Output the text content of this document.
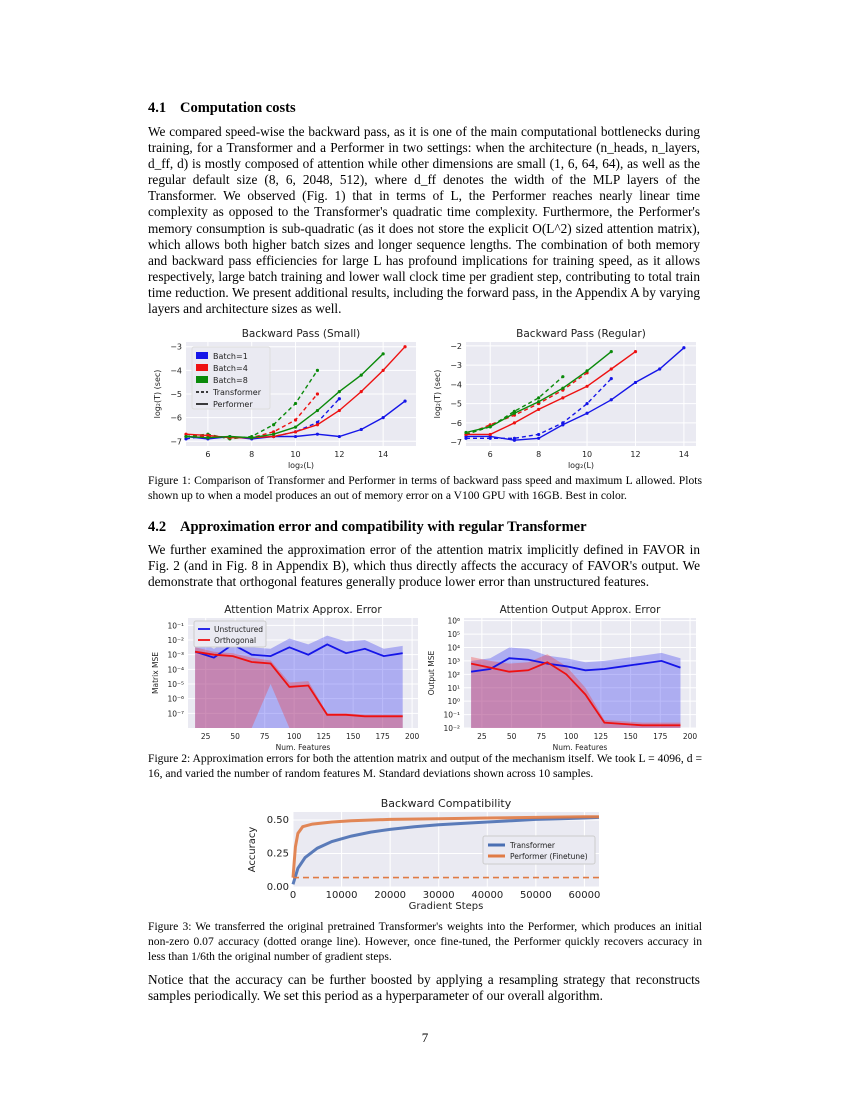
4.1 Computation costs
We compared speed-wise the backward pass, as it is one of the main computational bottlenecks during training, for a Transformer and a Performer in two settings: when the architecture (n_heads, n_layers, d_ff, d) is mostly composed of attention while other dimensions are small (1, 6, 64, 64), as well as the regular default size (8, 6, 2048, 512), where d_ff denotes the width of the MLP layers of the Transformer. We observed (Fig. 1) that in terms of L, the Performer reaches nearly linear time complexity as opposed to the Transformer's quadratic time complexity. Furthermore, the Performer's memory consumption is sub-quadratic (as it does not store the explicit O(L^2) sized attention matrix), which allows both higher batch sizes and longer sequence lengths. The combination of both memory and backward pass efficiencies for large L has profound implications for training speed, as it allows respectively, large batch training and lower wall clock time per gradient step, contributing to total train time reduction. We present additional results, including the forward pass, in the Appendix A by varying layers and architecture sizes as well.
−3
−4
−5
−6
−7
6	8	10	12	14
Backward Pass (Small)
log₂(L)
log₂(T) (sec)
Batch=1
Batch=4
Batch=8
Transformer
Performer
−2
−3
−4
−5
−6
−7
6	8	10	12	14
Backward Pass (Regular)
log₂(L)
log₂(T) (sec)
Figure 1: Comparison of Transformer and Performer in terms of backward pass speed and maximum L allowed. Plots shown up to when a model produces an out of memory error on a V100 GPU with 16GB. Best in color.
4.2 Approximation error and compatibility with regular Transformer
We further examined the approximation error of the attention matrix implicitly defined in FAVOR in Fig. 2 (and in Fig. 8 in Appendix B), which thus directly affects the accuracy of FAVOR's output. We demonstrate that orthogonal features generally produce lower error than unstructured features.
10⁻¹
10⁻²
10⁻³
10⁻⁴
10⁻⁵
10⁻⁶
10⁻⁷
25	50	75 100 125 150 175 200
Attention Matrix Approx. Error
Num. Features
Matrix MSE
Unstructured
Orthogonal
10⁶
10⁵
10⁴
10³
10²
10¹
10⁰
10⁻¹
10⁻²
25	50	75 100 125 150 175 200
Attention Output Approx. Error
Num. Features
Output MSE
Figure 2: Approximation errors for both the attention matrix and output of the mechanism itself. We took L = 4096, d = 16, and varied the number of random features M. Standard deviations shown across 10 samples.
0.00
0.25
0.50
0	10000 20000 30000 40000 50000 60000
Backward Compatibility
Gradient Steps
Accuracy	Transformer
Performer (Finetune)
Figure 3: We transferred the original pretrained Transformer's weights into the Performer, which produces an initial non-zero 0.07 accuracy (dotted orange line). However, once fine-tuned, the Performer quickly recovers accuracy in less than 1/6th the original number of gradient steps.
Notice that the accuracy can be further boosted by applying a resampling strategy that reconstructs samples periodically. We set this period as a hyperparameter of our overall algorithm.
7
